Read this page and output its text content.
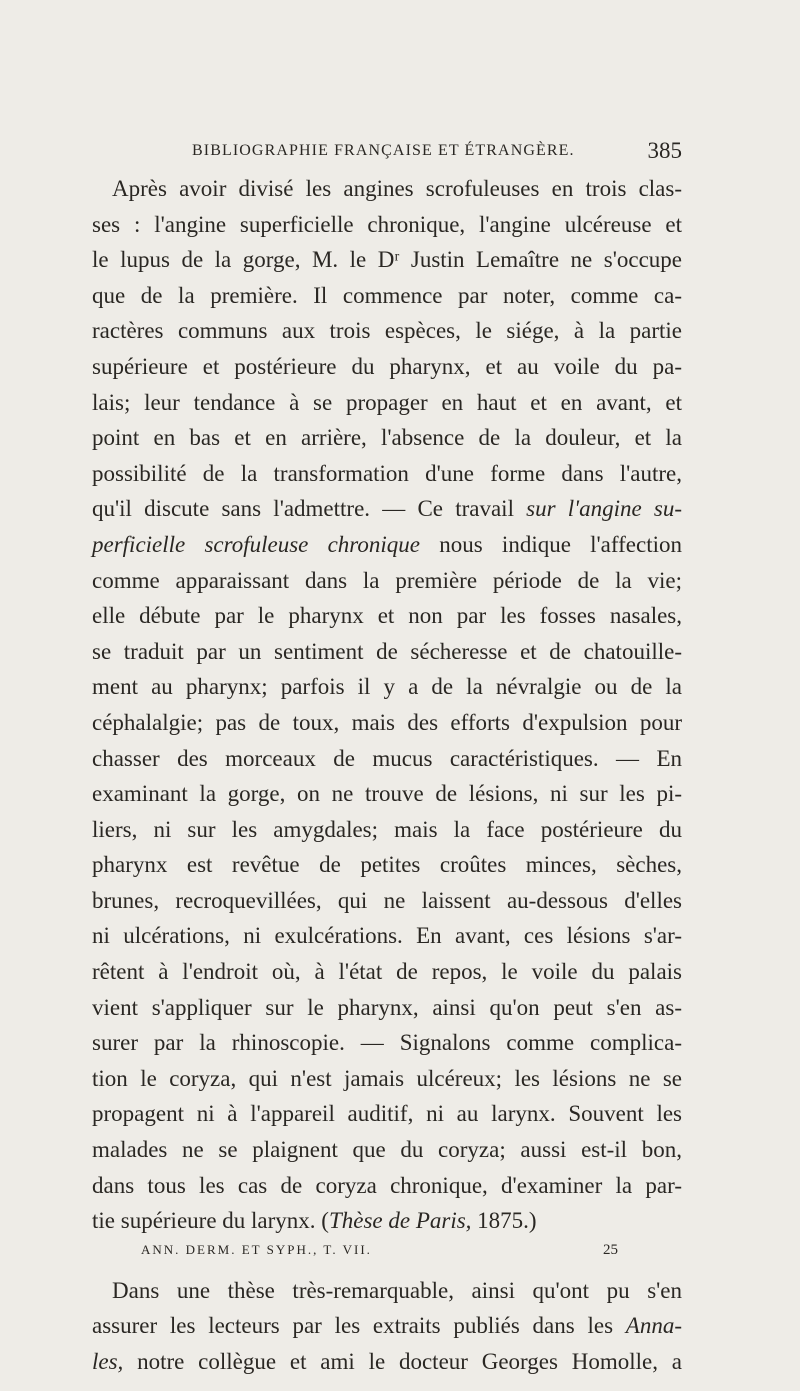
BIBLIOGRAPHIE FRANÇAISE ET ÉTRANGÈRE.	385
Après avoir divisé les angines scrofuleuses en trois clas-
ses : l'angine superficielle chronique, l'angine ulcéreuse et
le lupus de la gorge, M. le Dʳ Justin Lemaître ne s'occupe
que de la première. Il commence par noter, comme ca-
ractères communs aux trois espèces, le siége, à la partie
supérieure et postérieure du pharynx, et au voile du pa-
lais; leur tendance à se propager en haut et en avant, et
point en bas et en arrière, l'absence de la douleur, et la
possibilité de la transformation d'une forme dans l'autre,
qu'il discute sans l'admettre. — Ce travail sur l'angine su-
perficielle scrofuleuse chronique nous indique l'affection
comme apparaissant dans la première période de la vie;
elle débute par le pharynx et non par les fosses nasales,
se traduit par un sentiment de sécheresse et de chatouille-
ment au pharynx; parfois il y a de la névralgie ou de la
céphalalgie; pas de toux, mais des efforts d'expulsion pour
chasser des morceaux de mucus caractéristiques. — En
examinant la gorge, on ne trouve de lésions, ni sur les pi-
liers, ni sur les amygdales; mais la face postérieure du
pharynx est revêtue de petites croûtes minces, sèches,
brunes, recroquevillées, qui ne laissent au-dessous d'elles
ni ulcérations, ni exulcérations. En avant, ces lésions s'ar-
rêtent à l'endroit où, à l'état de repos, le voile du palais
vient s'appliquer sur le pharynx, ainsi qu'on peut s'en as-
surer par la rhinoscopie. — Signalons comme complica-
tion le coryza, qui n'est jamais ulcéreux; les lésions ne se
propagent ni à l'appareil auditif, ni au larynx. Souvent les
malades ne se plaignent que du coryza; aussi est-il bon,
dans tous les cas de coryza chronique, d'examiner la par-
tie supérieure du larynx. (Thèse de Paris, 1875.)
Dans une thèse très-remarquable, ainsi qu'ont pu s'en
assurer les lecteurs par les extraits publiés dans les Anna-
les, notre collègue et ami le docteur Georges Homolle, a
ANN. DERM. ET SYPH., T. VII.	25
